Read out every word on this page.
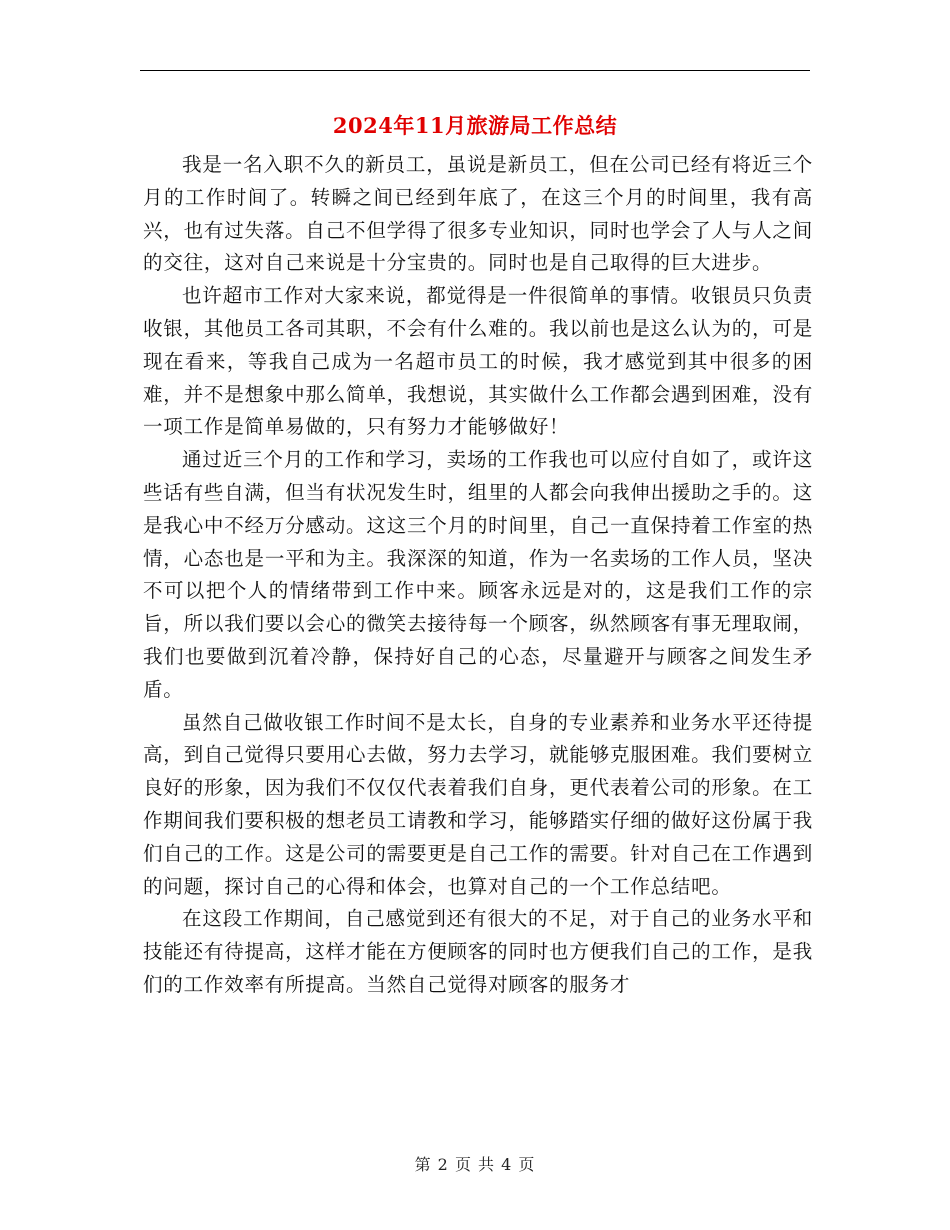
2024年11月旅游局工作总结

我是一名入职不久的新员工，虽说是新员工，但在公司已经有将近三个月的工作时间了。转瞬之间已经到年底了，在这三个月的时间里，我有高兴，也有过失落。自己不但学得了很多专业知识，同时也学会了人与人之间的交往，这对自己来说是十分宝贵的。同时也是自己取得的巨大进步。

也许超市工作对大家来说，都觉得是一件很简单的事情。收银员只负责收银，其他员工各司其职，不会有什么难的。我以前也是这么认为的，可是现在看来，等我自己成为一名超市员工的时候，我才感觉到其中很多的困难，并不是想象中那么简单，我想说，其实做什么工作都会遇到困难，没有一项工作是简单易做的，只有努力才能够做好！

通过近三个月的工作和学习，卖场的工作我也可以应付自如了，或许这些话有些自满，但当有状况发生时，组里的人都会向我伸出援助之手的。这是我心中不经万分感动。这这三个月的时间里，自己一直保持着工作室的热情，心态也是一平和为主。我深深的知道，作为一名卖场的工作人员，坚决不可以把个人的情绪带到工作中来。顾客永远是对的，这是我们工作的宗旨，所以我们要以会心的微笑去接待每一个顾客，纵然顾客有事无理取闹，我们也要做到沉着冷静，保持好自己的心态，尽量避开与顾客之间发生矛盾。

虽然自己做收银工作时间不是太长，自身的专业素养和业务水平还待提高，到自己觉得只要用心去做，努力去学习，就能够克服困难。我们要树立良好的形象，因为我们不仅仅代表着我们自身，更代表着公司的形象。在工作期间我们要积极的想老员工请教和学习，能够踏实仔细的做好这份属于我们自己的工作。这是公司的需要更是自己工作的需要。针对自己在工作遇到的问题，探讨自己的心得和体会，也算对自己的一个工作总结吧。

在这段工作期间，自己感觉到还有很大的不足，对于自己的业务水平和技能还有待提高，这样才能在方便顾客的同时也方便我们自己的工作，是我们的工作效率有所提高。当然自己觉得对顾客的服务才

第 2 页 共 4 页
